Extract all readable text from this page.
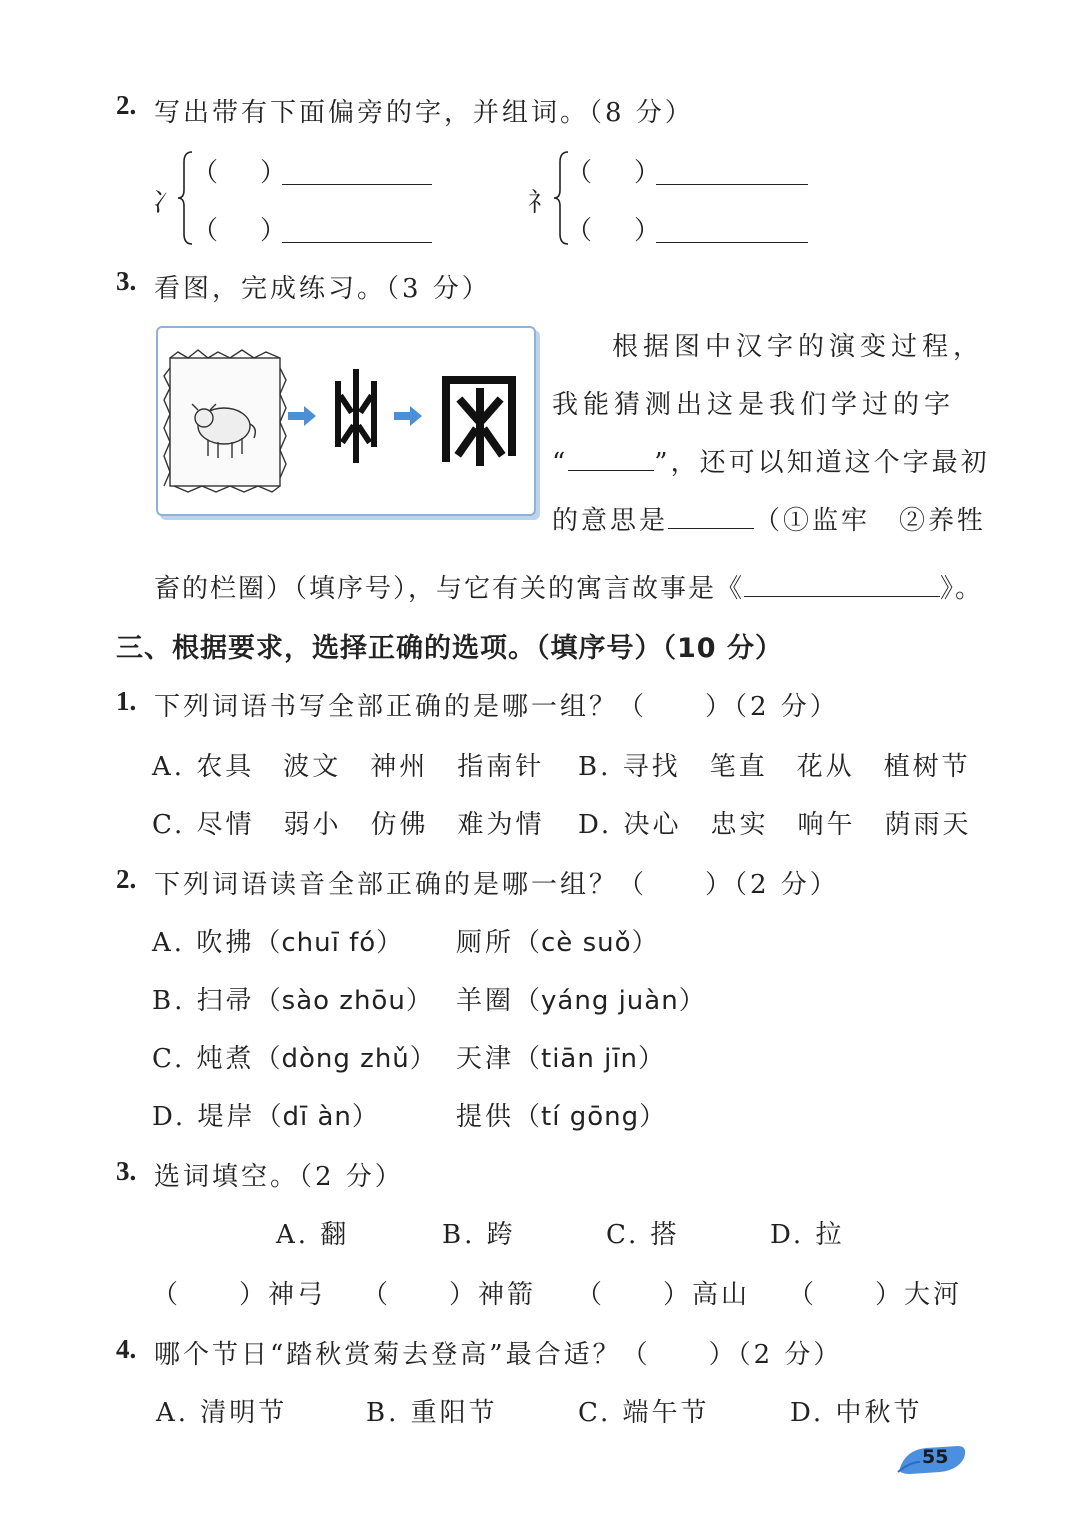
2. 写出带有下面偏旁的字，并组词。（8 分）
冫
（ ）
（ ）
礻
（ ）
（ ）
3. 看图，完成练习。（3 分）
根据图中汉字的演变过程，
我能猜测出这是我们学过的字
“	”，还可以知道这个字最初
的意思是	（①监牢　②养牲
畜的栏圈）（填序号），与它有关的寓言故事是《	》。
三、根据要求，选择正确的选项。（填序号）（10 分）
1. 下列词语书写全部正确的是哪一组？（　　）（2 分）
A. 农具　波文　神州　指南针 B. 寻找　笔直　花从　植树节
C. 尽情　弱小　仿佛　难为情 D. 决心　忠实　响午　荫雨天
2. 下列词语读音全部正确的是哪一组？（　　）（2 分）
A. 吹拂（chuī fó） 厕所（cè suǒ）
B. 扫帚（sào zhōu） 羊圈（yáng juàn）
C. 炖煮（dòng zhǔ） 天津（tiān jīn）
D. 堤岸（dī àn）	提供（tí gōng）
3. 选词填空。（2 分）
A. 翻	B. 跨	C. 搭	D. 拉
（　　）神弓 （　　）神箭 （　　）高山 （　　）大河
4. 哪个节日“踏秋赏菊去登高”最合适？（　　）（2 分）
A. 清明节	B. 重阳节	C. 端午节	D. 中秋节
55
